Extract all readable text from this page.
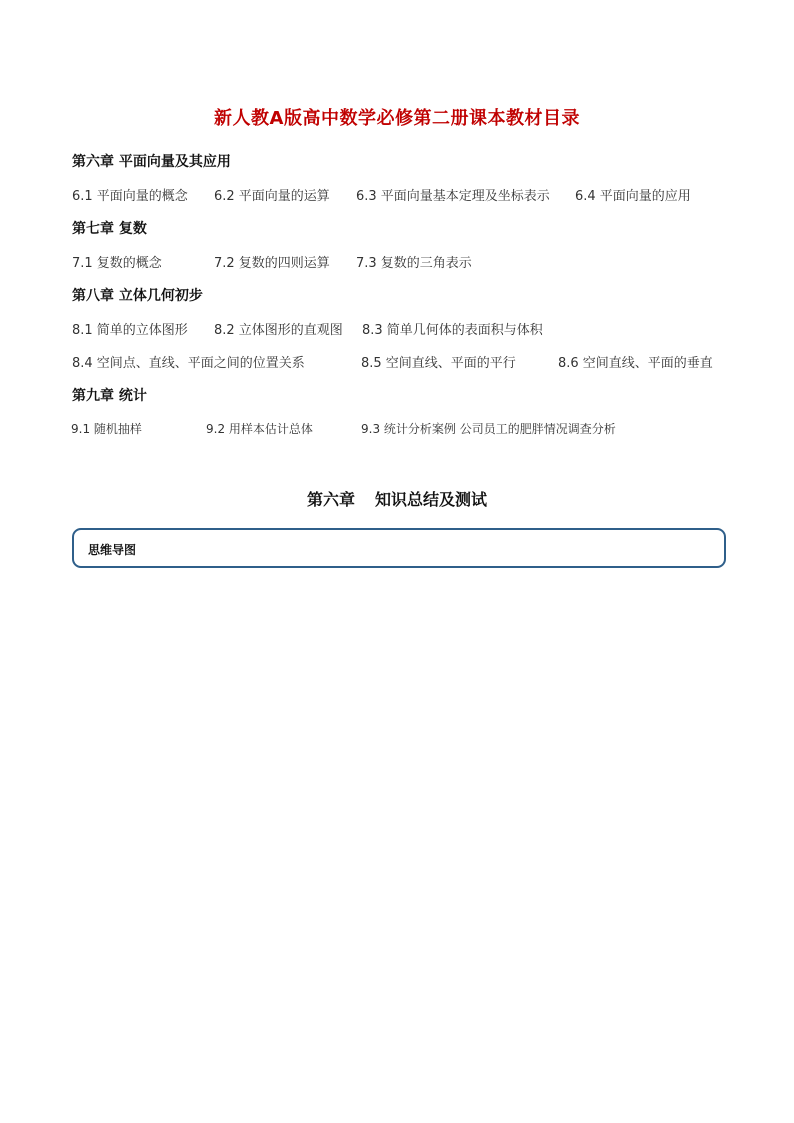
新人教A版高中数学必修第二册课本教材目录
第六章 平面向量及其应用
6.1 平面向量的概念 6.2 平面向量的运算 6.3 平面向量基本定理及坐标表示 6.4 平面向量的应用
第七章 复数
7.1 复数的概念	7.2 复数的四则运算 7.3 复数的三角表示
第八章 立体几何初步
8.1 简单的立体图形 8.2 立体图形的直观图 8.3 简单几何体的表面积与体积
8.4 空间点、直线、平面之间的位置关系	8.5 空间直线、平面的平行	8.6 空间直线、平面的垂直
第九章 统计
9.1 随机抽样	9.2 用样本估计总体	9.3 统计分析案例 公司员工的肥胖情况调查分析
第六章 知识总结及测试
思维导图
